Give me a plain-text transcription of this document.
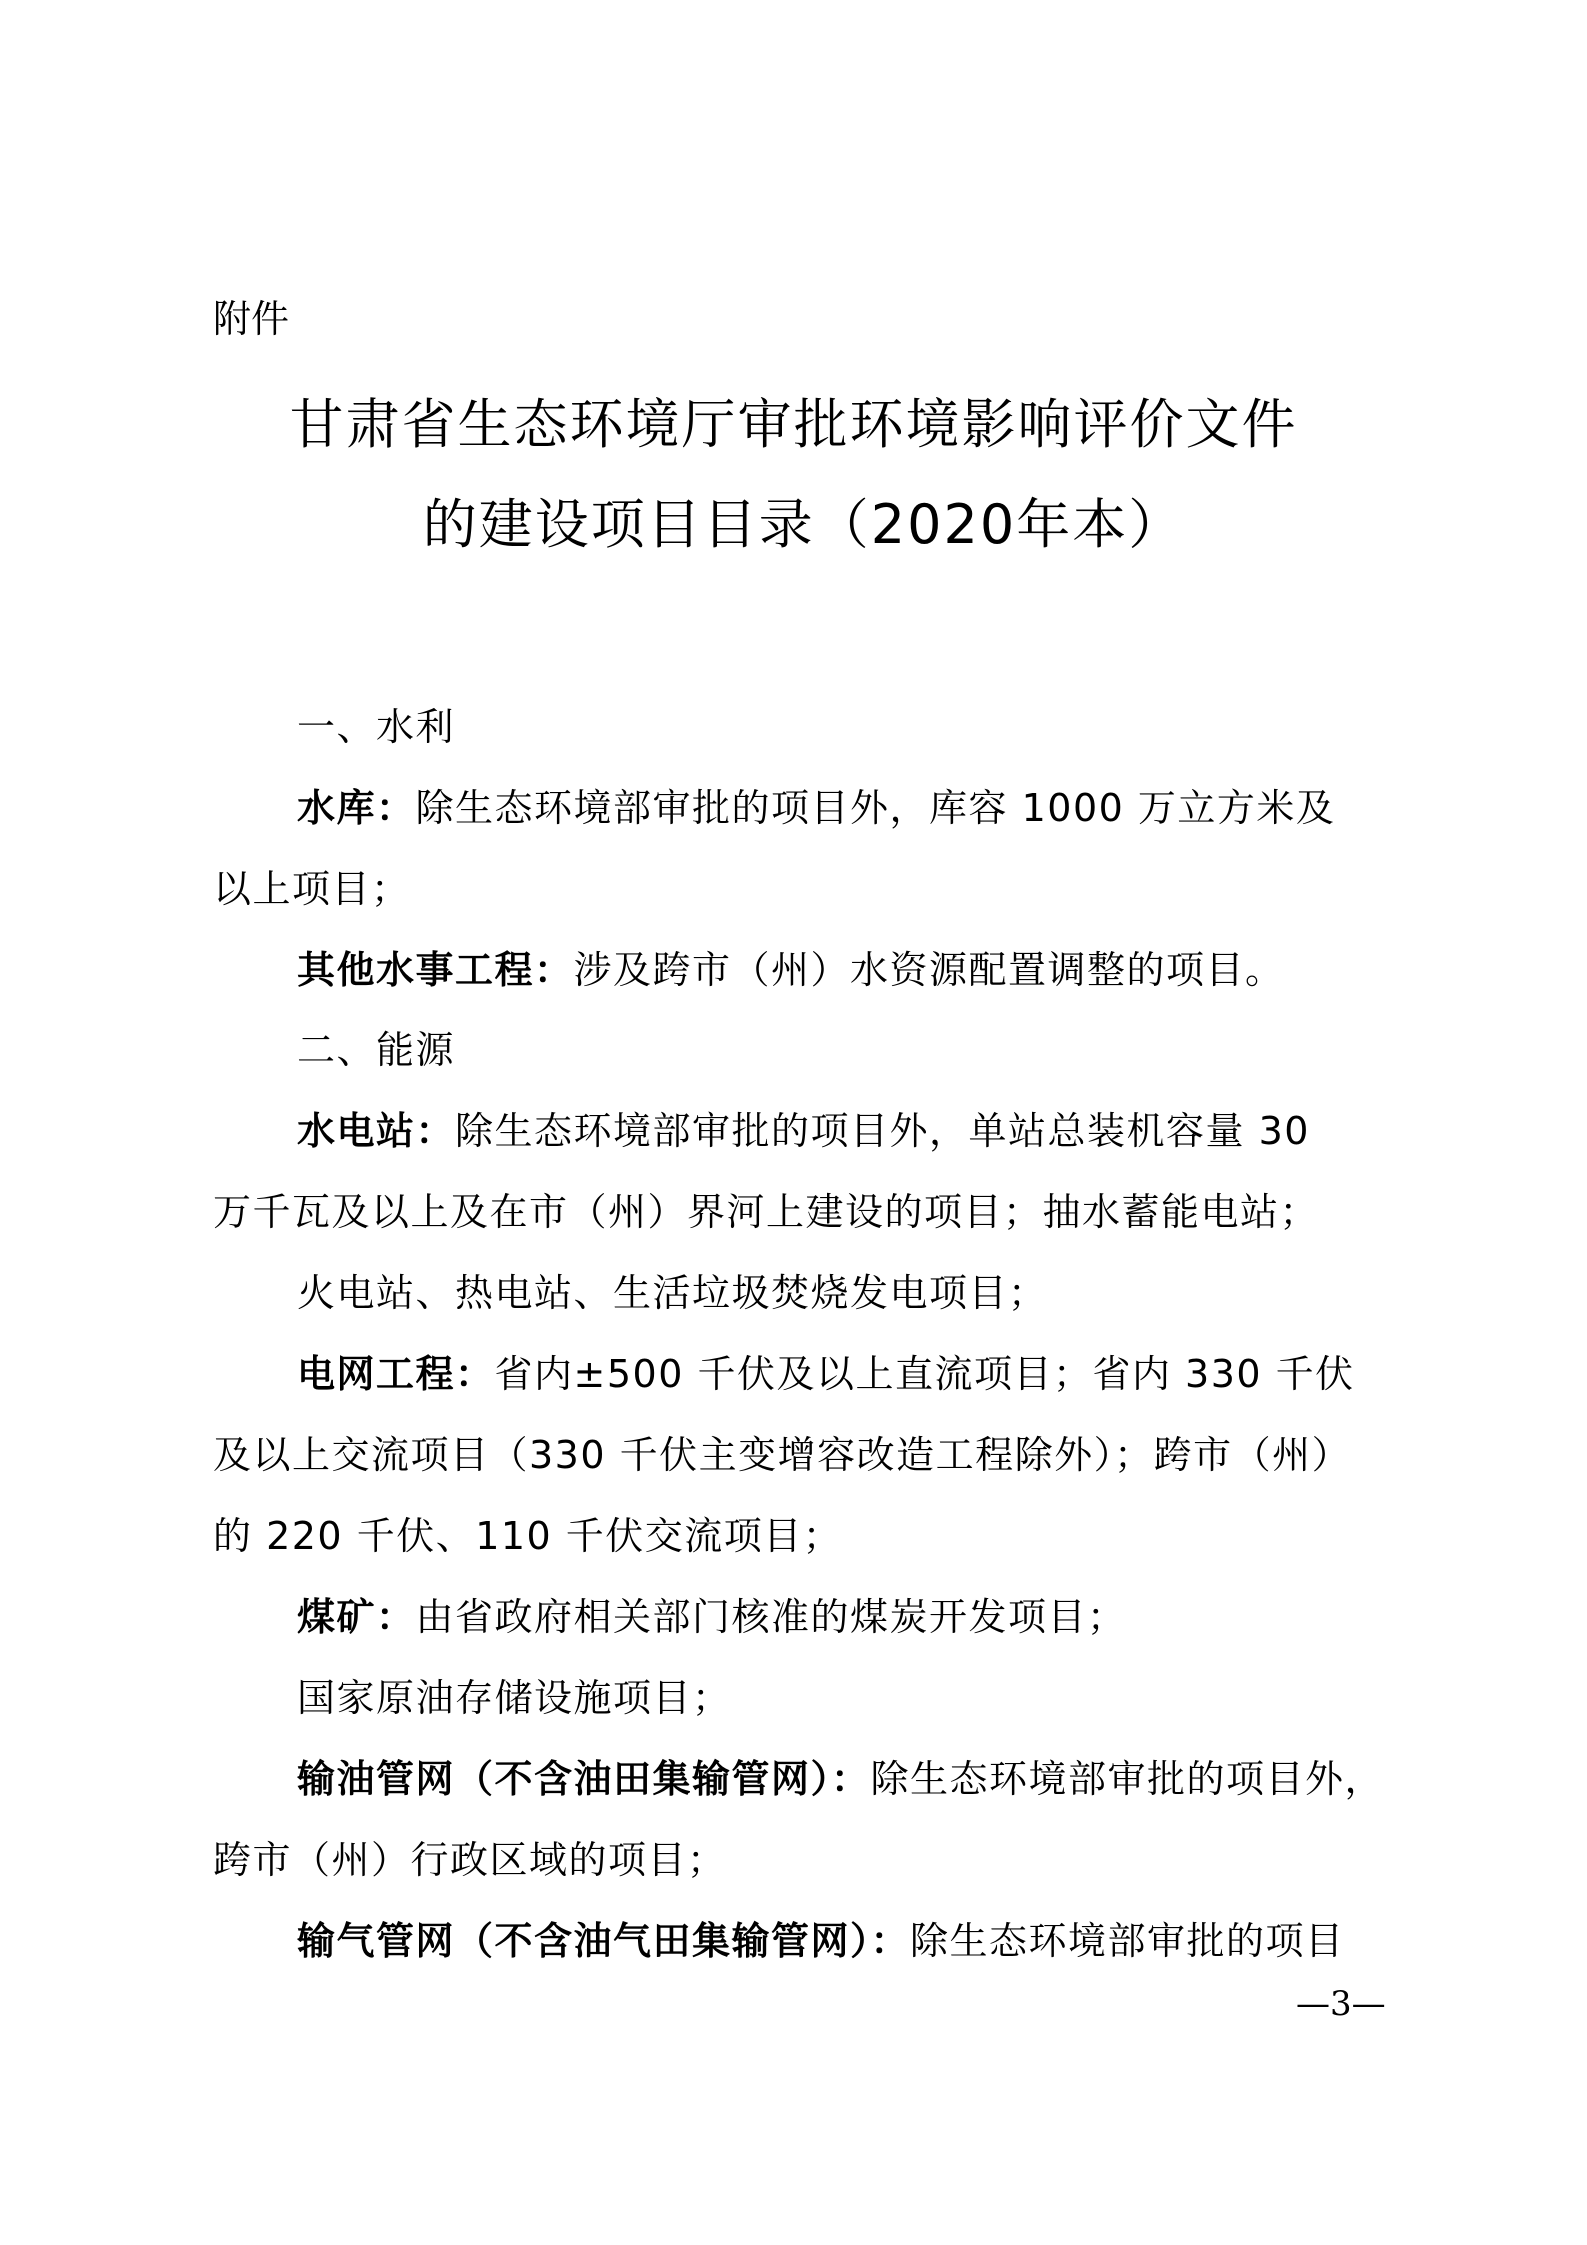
附件
甘肃省生态环境厅审批环境影响评价文件
的建设项目目录（2020年本）
一、水利
水库：除生态环境部审批的项目外，库容 1000 万立方米及
以上项目；
其他水事工程：涉及跨市（州）水资源配置调整的项目。
二、能源
水电站：除生态环境部审批的项目外，单站总装机容量 30
万千瓦及以上及在市（州）界河上建设的项目；抽水蓄能电站；
火电站、热电站、生活垃圾焚烧发电项目；
电网工程：省内±500 千伏及以上直流项目；省内 330 千伏
及以上交流项目（330 千伏主变增容改造工程除外）；跨市（州）
的 220 千伏、110 千伏交流项目；
煤矿：由省政府相关部门核准的煤炭开发项目；
国家原油存储设施项目；
输油管网（不含油田集输管网）：除生态环境部审批的项目外，
跨市（州）行政区域的项目；
输气管网（不含油气田集输管网）：除生态环境部审批的项目
—3—
